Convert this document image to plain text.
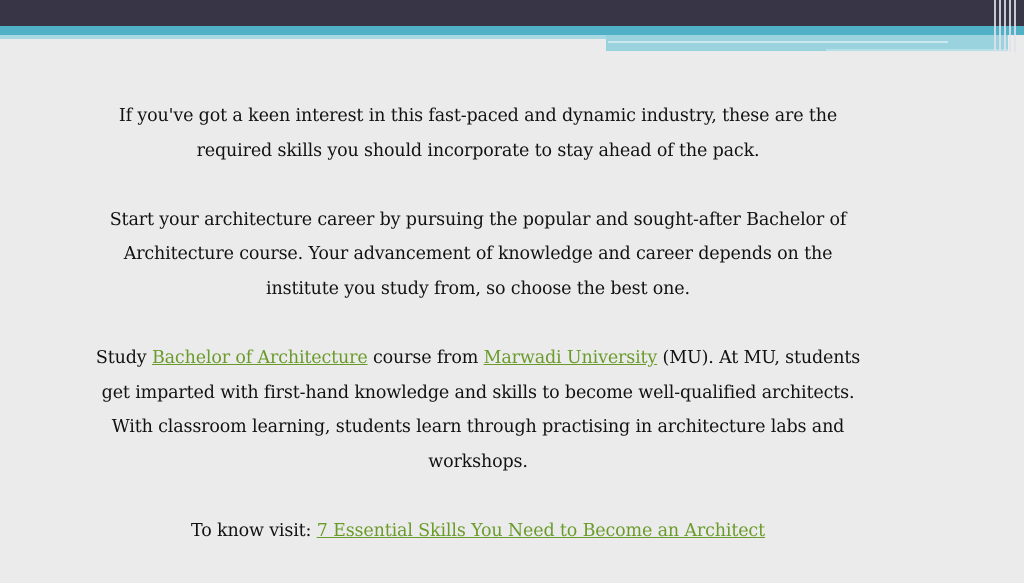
If you've got a keen interest in this fast-paced and dynamic industry, these are the required skills you should incorporate to stay ahead of the pack.

Start your architecture career by pursuing the popular and sought-after Bachelor of Architecture course. Your advancement of knowledge and career depends on the institute you study from, so choose the best one.

Study Bachelor of Architecture course from Marwadi University (MU). At MU, students get imparted with first-hand knowledge and skills to become well-qualified architects. With classroom learning, students learn through practising in architecture labs and workshops.

To know visit: 7 Essential Skills You Need to Become an Architect
